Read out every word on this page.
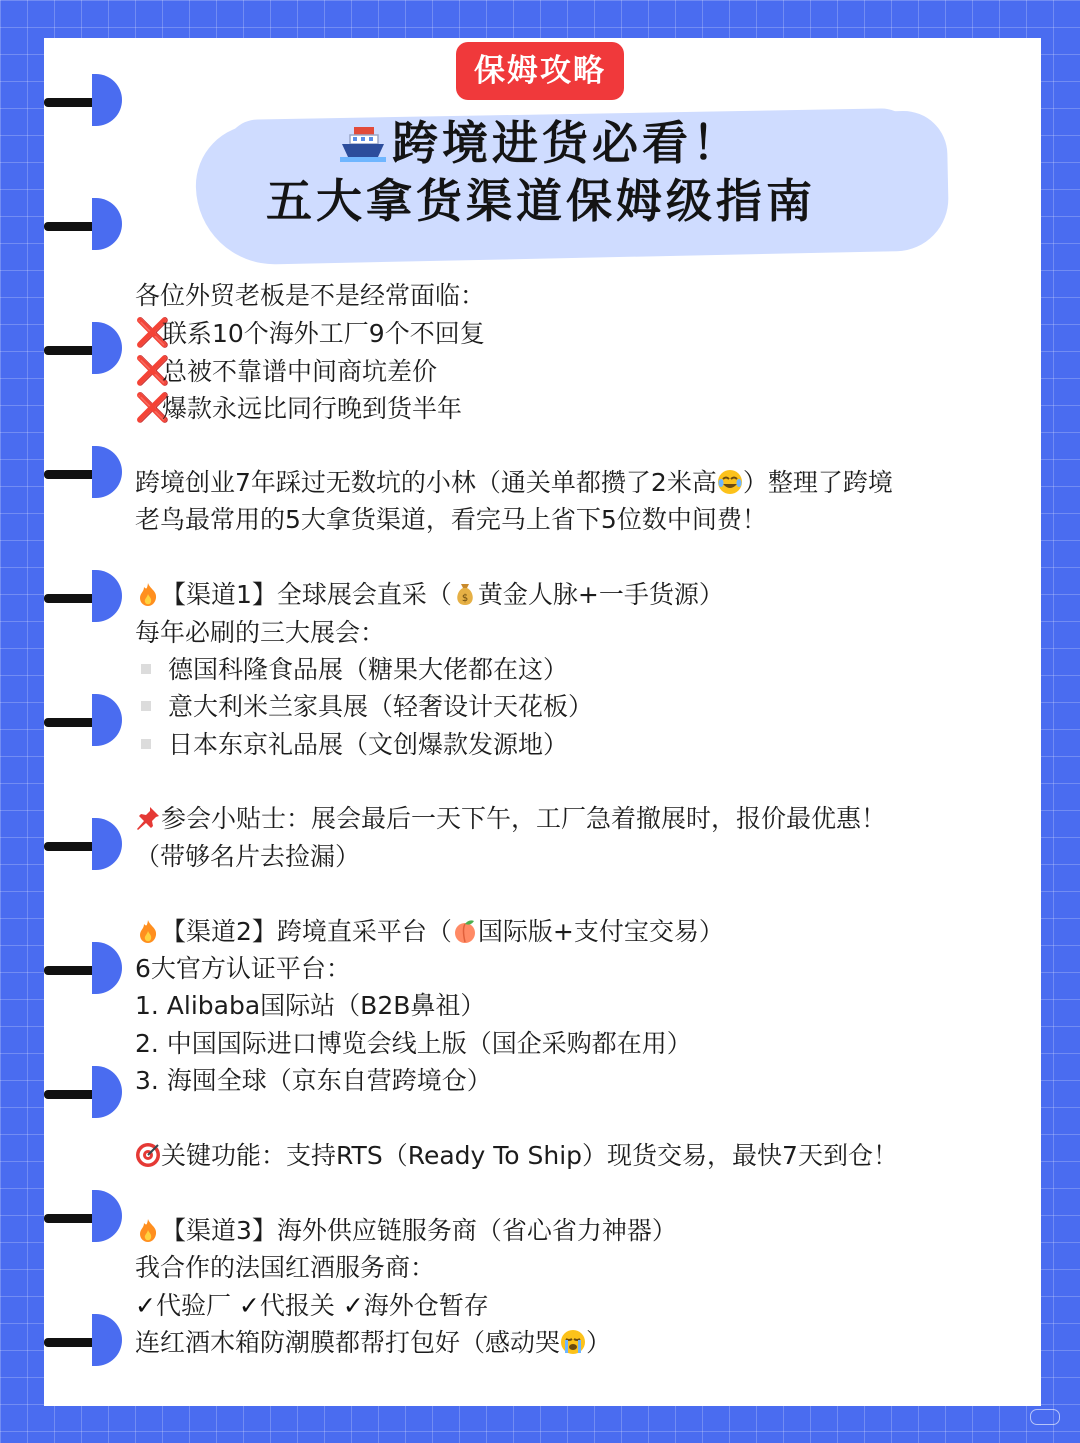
保姆攻略
跨境进货必看！
五大拿货渠道保姆级指南
各位外贸老板是不是经常面临：
❌联系10个海外工厂9个不回复
❌总被不靠谱中间商坑差价
❌爆款永远比同行晚到货半年
跨境创业7年踩过无数坑的小林（通关单都攒了2米高 ）整理了跨境
老鸟最常用的5大拿货渠道，看完马上省下5位数中间费！
【渠道1】全球展会直采（ $ 黄金人脉+一手货源）
每年必刷的三大展会：
德国科隆食品展（糖果大佬都在这）
意大利米兰家具展（轻奢设计天花板）
日本东京礼品展（文创爆款发源地）
参会小贴士：展会最后一天下午，工厂急着撤展时，报价最优惠！
（带够名片去捡漏）
【渠道2】跨境直采平台（ 国际版+支付宝交易）
6大官方认证平台：
1. Alibaba国际站（B2B鼻祖）
2. 中国国际进口博览会线上版（国企采购都在用）
3. 海囤全球（京东自营跨境仓）
关键功能：支持RTS（Ready To Ship）现货交易，最快7天到仓！
【渠道3】海外供应链服务商（省心省力神器）
我合作的法国红酒服务商：
✓代验厂 ✓代报关 ✓海外仓暂存
连红酒木箱防潮膜都帮打包好（感动哭 ）
